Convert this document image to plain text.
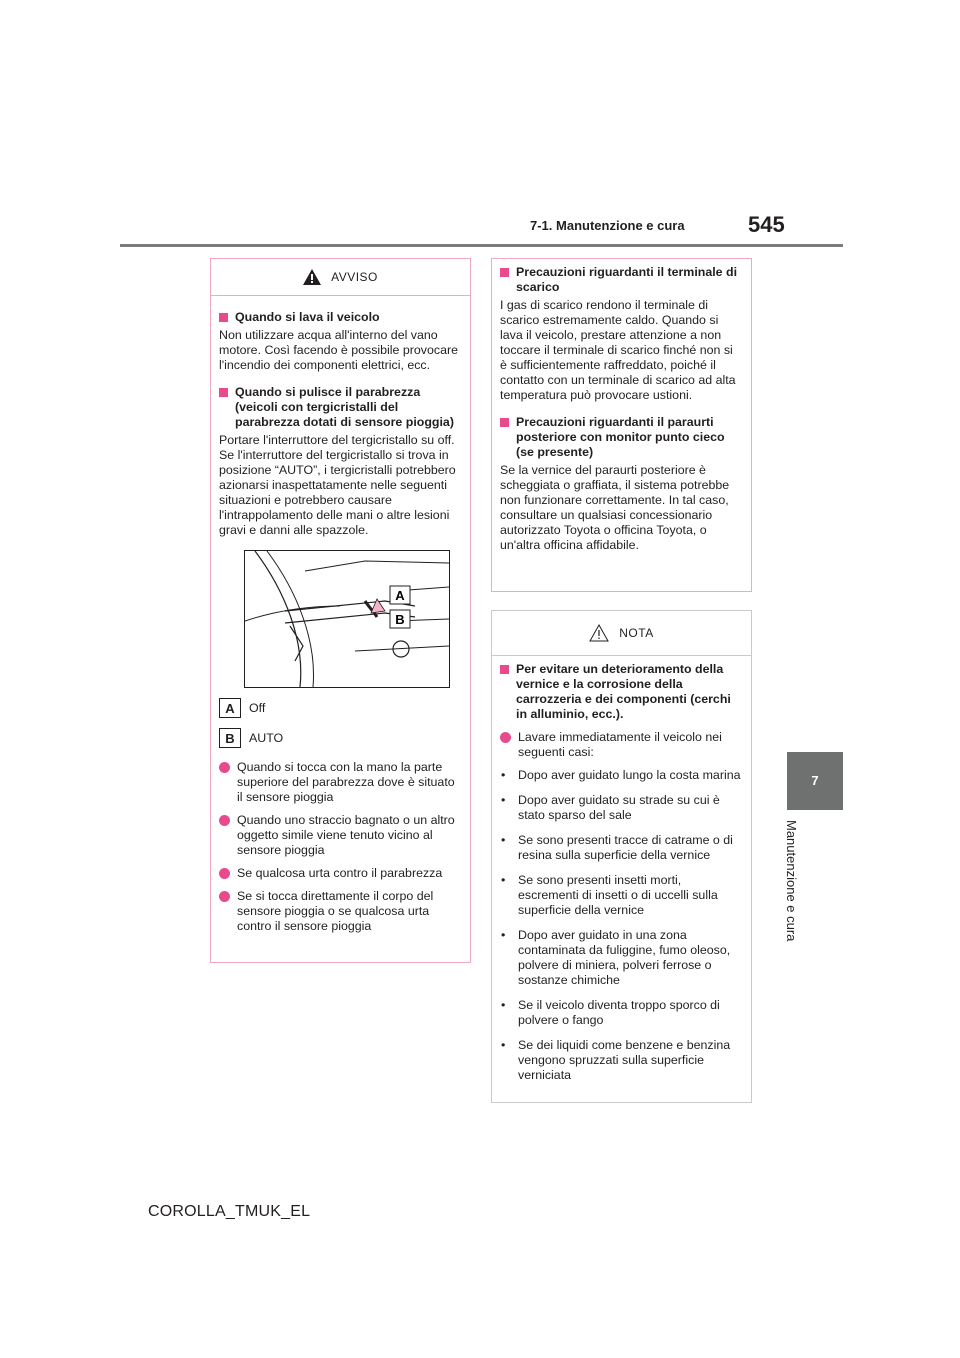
7-1. Manutenzione e cura	545
7
Manutenzione e cura
AVVISO
Quando si lava il veicolo
Non utilizzare acqua all'interno del vano motore. Così facendo è possibile provocare l'incendio dei componenti elettrici, ecc.
Quando si pulisce il parabrezza (veicoli con tergicristalli del parabrezza dotati di sensore pioggia)
Portare l'interruttore del tergicristallo su off. Se l'interruttore del tergicristallo si trova in posizione “AUTO”, i tergicristalli potrebbero azionarsi inaspettatamente nelle seguenti situazioni e potrebbero causare l'intrappolamento delle mani o altre lesioni gravi e danni alle spazzole.
A
B
A	Off
B	AUTO
Quando si tocca con la mano la parte superiore del parabrezza dove è situato il sensore pioggia
Quando uno straccio bagnato o un altro oggetto simile viene tenuto vicino al sensore pioggia
Se qualcosa urta contro il parabrezza
Se si tocca direttamente il corpo del sensore pioggia o se qualcosa urta contro il sensore pioggia
Precauzioni riguardanti il terminale di scarico
I gas di scarico rendono il terminale di scarico estremamente caldo. Quando si lava il veicolo, prestare attenzione a non toccare il terminale di scarico finché non si è sufficientemente raffreddato, poiché il contatto con un terminale di scarico ad alta temperatura può provocare ustioni.
Precauzioni riguardanti il paraurti posteriore con monitor punto cieco (se presente)
Se la vernice del paraurti posteriore è scheggiata o graffiata, il sistema potrebbe non funzionare correttamente. In tal caso, consultare un qualsiasi concessionario autorizzato Toyota o officina Toyota, o un'altra officina affidabile.
NOTA
Per evitare un deterioramento della vernice e la corrosione della carrozzeria e dei componenti (cerchi in alluminio, ecc.).
Lavare immediatamente il veicolo nei seguenti casi:
• Dopo aver guidato lungo la costa marina
• Dopo aver guidato su strade su cui è stato sparso del sale
• Se sono presenti tracce di catrame o di resina sulla superficie della vernice
• Se sono presenti insetti morti, escrementi di insetti o di uccelli sulla superficie della vernice
• Dopo aver guidato in una zona contaminata da fuliggine, fumo oleoso, polvere di miniera, polveri ferrose o sostanze chimiche
• Se il veicolo diventa troppo sporco di polvere o fango
• Se dei liquidi come benzene e benzina vengono spruzzati sulla superficie verniciata
COROLLA_TMUK_EL
